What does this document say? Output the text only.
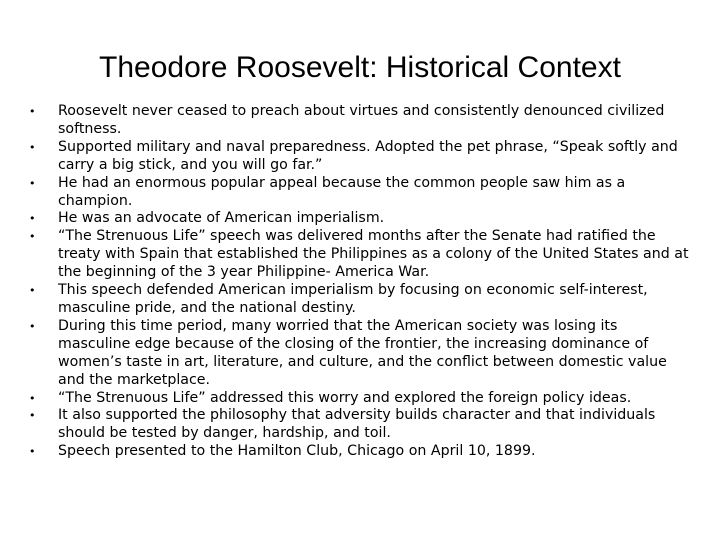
Theodore Roosevelt: Historical Context
• Roosevelt never ceased to preach about virtues and consistently denounced civilized softness.
• Supported military and naval preparedness. Adopted the pet phrase, “Speak softly and carry a big stick, and you will go far.”
• He had an enormous popular appeal because the common people saw him as a champion.
• He was an advocate of American imperialism.
• “The Strenuous Life” speech was delivered months after the Senate had ratified the treaty with Spain that established the Philippines as a colony of the United States and at the beginning of the 3 year Philippine- America War.
• This speech defended American imperialism by focusing on economic self-interest, masculine pride, and the national destiny.
• During this time period, many worried that the American society was losing its masculine edge because of the closing of the frontier, the increasing dominance of women’s taste in art, literature, and culture, and the conflict between domestic value and the marketplace.
• “The Strenuous Life” addressed this worry and explored the foreign policy ideas.
• It also supported the philosophy that adversity builds character and that individuals should be tested by danger, hardship, and toil.
• Speech presented to the Hamilton Club, Chicago on April 10, 1899.
